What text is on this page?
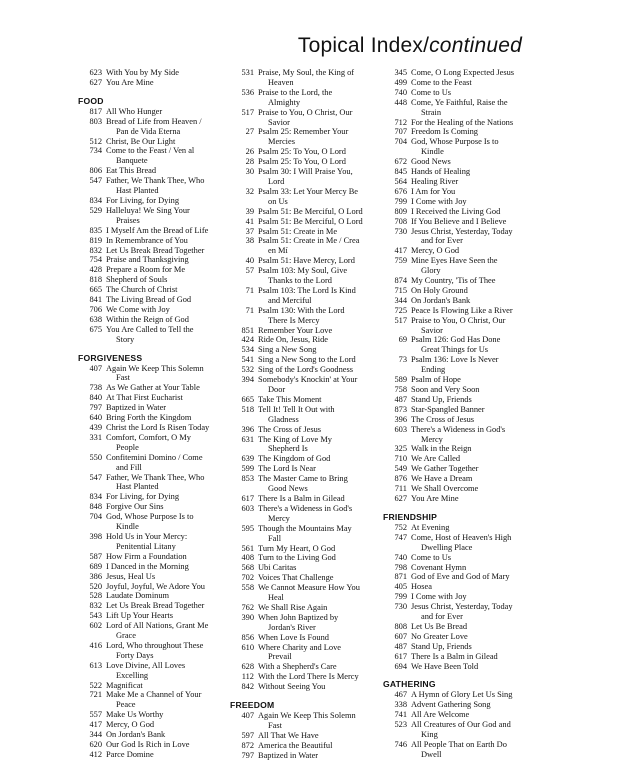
Topical Index/continued
623 With You by My Side
627 You Are Mine
FOOD
817 All Who Hunger
803 Bread of Life from Heaven /
Pan de Vida Eterna
512 Christ, Be Our Light
734 Come to the Feast / Ven al
Banquete
806 Eat This Bread
547 Father, We Thank Thee, Who
Hast Planted
834 For Living, for Dying
529 Halleluya! We Sing Your
Praises
835 I Myself Am the Bread of Life
819 In Remembrance of You
832 Let Us Break Bread Together
754 Praise and Thanksgiving
428 Prepare a Room for Me
818 Shepherd of Souls
665 The Church of Christ
841 The Living Bread of God
706 We Come with Joy
638 Within the Reign of God
675 You Are Called to Tell the
Story
FORGIVENESS
407 Again We Keep This Solemn
Fast
738 As We Gather at Your Table
840 At That First Eucharist
797 Baptized in Water
640 Bring Forth the Kingdom
439 Christ the Lord Is Risen Today
331 Comfort, Comfort, O My
People
550 Confitemini Domino / Come
and Fill
547 Father, We Thank Thee, Who
Hast Planted
834 For Living, for Dying
848 Forgive Our Sins
704 God, Whose Purpose Is to
Kindle
398 Hold Us in Your Mercy:
Penitential Litany
587 How Firm a Foundation
689 I Danced in the Morning
386 Jesus, Heal Us
520 Joyful, Joyful, We Adore You
528 Laudate Dominum
832 Let Us Break Bread Together
543 Lift Up Your Hearts
602 Lord of All Nations, Grant Me
Grace
416 Lord, Who throughout These
Forty Days
613 Love Divine, All Loves
Excelling
522 Magnificat
721 Make Me a Channel of Your
Peace
557 Make Us Worthy
417 Mercy, O God
344 On Jordan's Bank
620 Our God Is Rich in Love
412 Parce Domine
531 Praise, My Soul, the King of
Heaven
536 Praise to the Lord, the
Almighty
517 Praise to You, O Christ, Our
Savior
27 Psalm 25: Remember Your
Mercies
26 Psalm 25: To You, O Lord
28 Psalm 25: To You, O Lord
30 Psalm 30: I Will Praise You,
Lord
32 Psalm 33: Let Your Mercy Be
on Us
39 Psalm 51: Be Merciful, O Lord
41 Psalm 51: Be Merciful, O Lord
37 Psalm 51: Create in Me
38 Psalm 51: Create in Me / Crea
en Mí
40 Psalm 51: Have Mercy, Lord
57 Psalm 103: My Soul, Give
Thanks to the Lord
71 Psalm 103: The Lord Is Kind
and Merciful
71 Psalm 130: With the Lord
There Is Mercy
851 Remember Your Love
424 Ride On, Jesus, Ride
534 Sing a New Song
541 Sing a New Song to the Lord
532 Sing of the Lord's Goodness
394 Somebody's Knockin' at Your
Door
665 Take This Moment
518 Tell It! Tell It Out with
Gladness
396 The Cross of Jesus
631 The King of Love My
Shepherd Is
639 The Kingdom of God
599 The Lord Is Near
853 The Master Came to Bring
Good News
617 There Is a Balm in Gilead
603 There's a Wideness in God's
Mercy
595 Though the Mountains May
Fall
561 Turn My Heart, O God
408 Turn to the Living God
568 Ubi Caritas
702 Voices That Challenge
558 We Cannot Measure How You
Heal
762 We Shall Rise Again
390 When John Baptized by
Jordan's River
856 When Love Is Found
610 Where Charity and Love
Prevail
628 With a Shepherd's Care
112 With the Lord There Is Mercy
842 Without Seeing You
FREEDOM
407 Again We Keep This Solemn
Fast
597 All That We Have
872 America the Beautiful
797 Baptized in Water
345 Come, O Long Expected Jesus
499 Come to the Feast
740 Come to Us
448 Come, Ye Faithful, Raise the
Strain
712 For the Healing of the Nations
707 Freedom Is Coming
704 God, Whose Purpose Is to
Kindle
672 Good News
845 Hands of Healing
564 Healing River
676 I Am for You
799 I Come with Joy
809 I Received the Living God
708 If You Believe and I Believe
730 Jesus Christ, Yesterday, Today
and for Ever
417 Mercy, O God
759 Mine Eyes Have Seen the
Glory
874 My Country, 'Tis of Thee
715 On Holy Ground
344 On Jordan's Bank
725 Peace Is Flowing Like a River
517 Praise to You, O Christ, Our
Savior
69 Psalm 126: God Has Done
Great Things for Us
73 Psalm 136: Love Is Never
Ending
589 Psalm of Hope
758 Soon and Very Soon
487 Stand Up, Friends
873 Star-Spangled Banner
396 The Cross of Jesus
603 There's a Wideness in God's
Mercy
325 Walk in the Reign
710 We Are Called
549 We Gather Together
876 We Have a Dream
711 We Shall Overcome
627 You Are Mine
FRIENDSHIP
752 At Evening
747 Come, Host of Heaven's High
Dwelling Place
740 Come to Us
798 Covenant Hymn
871 God of Eve and God of Mary
405 Hosea
799 I Come with Joy
730 Jesus Christ, Yesterday, Today
and for Ever
808 Let Us Be Bread
607 No Greater Love
487 Stand Up, Friends
617 There Is a Balm in Gilead
694 We Have Been Told
GATHERING
467 A Hymn of Glory Let Us Sing
338 Advent Gathering Song
741 All Are Welcome
523 All Creatures of Our God and
King
746 All People That on Earth Do
Dwell
